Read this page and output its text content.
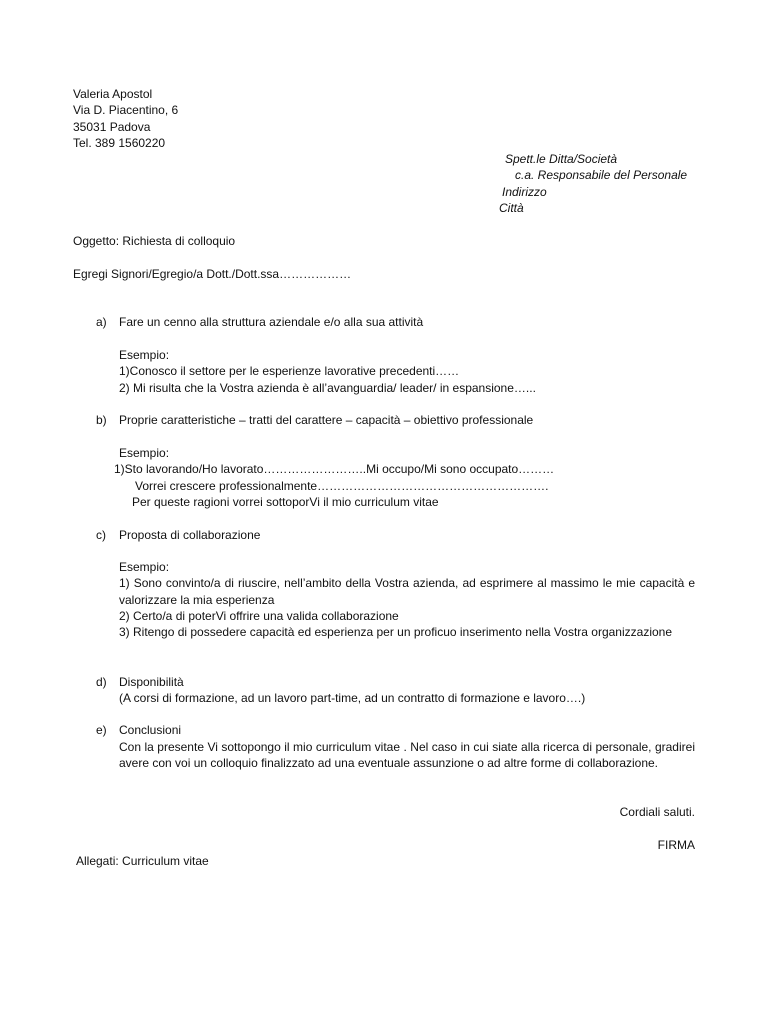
Valeria Apostol
Via D. Piacentino, 6
35031 Padova
Tel. 389 1560220
Spett.le Ditta/Società
c.a. Responsabile del Personale
Indirizzo
Città
Oggetto: Richiesta di colloquio
Egregi Signori/Egregio/a Dott./Dott.ssa………………
a) Fare un cenno alla struttura aziendale e/o alla sua attività
Esempio:
1)Conosco il settore per le esperienze lavorative precedenti……
2) Mi risulta che la Vostra azienda è all’avanguardia/ leader/ in espansione…...
b) Proprie caratteristiche – tratti del carattere – capacità – obiettivo professionale
Esempio:
1)Sto lavorando/Ho lavorato……………………..Mi occupo/Mi sono occupato………
Vorrei crescere professionalmente………………………………………………….
Per queste ragioni vorrei sottoporVi il mio curriculum vitae
c) Proposta di collaborazione
Esempio:
1) Sono convinto/a di riuscire, nell’ambito della Vostra azienda, ad esprimere al massimo le mie capacità e valorizzare la mia esperienza
2) Certo/a di poterVi offrire una valida collaborazione
3) Ritengo di possedere capacità ed esperienza per un proficuo inserimento nella Vostra organizzazione
d) Disponibilità
(A corsi di formazione, ad un lavoro part-time, ad un contratto di formazione e lavoro….)
e) Conclusioni
Con la presente Vi sottopongo il mio curriculum vitae . Nel caso in cui siate alla ricerca di personale, gradirei avere con voi un colloquio finalizzato ad una eventuale assunzione o ad altre forme di collaborazione.
Cordiali saluti.
FIRMA
Allegati: Curriculum vitae
